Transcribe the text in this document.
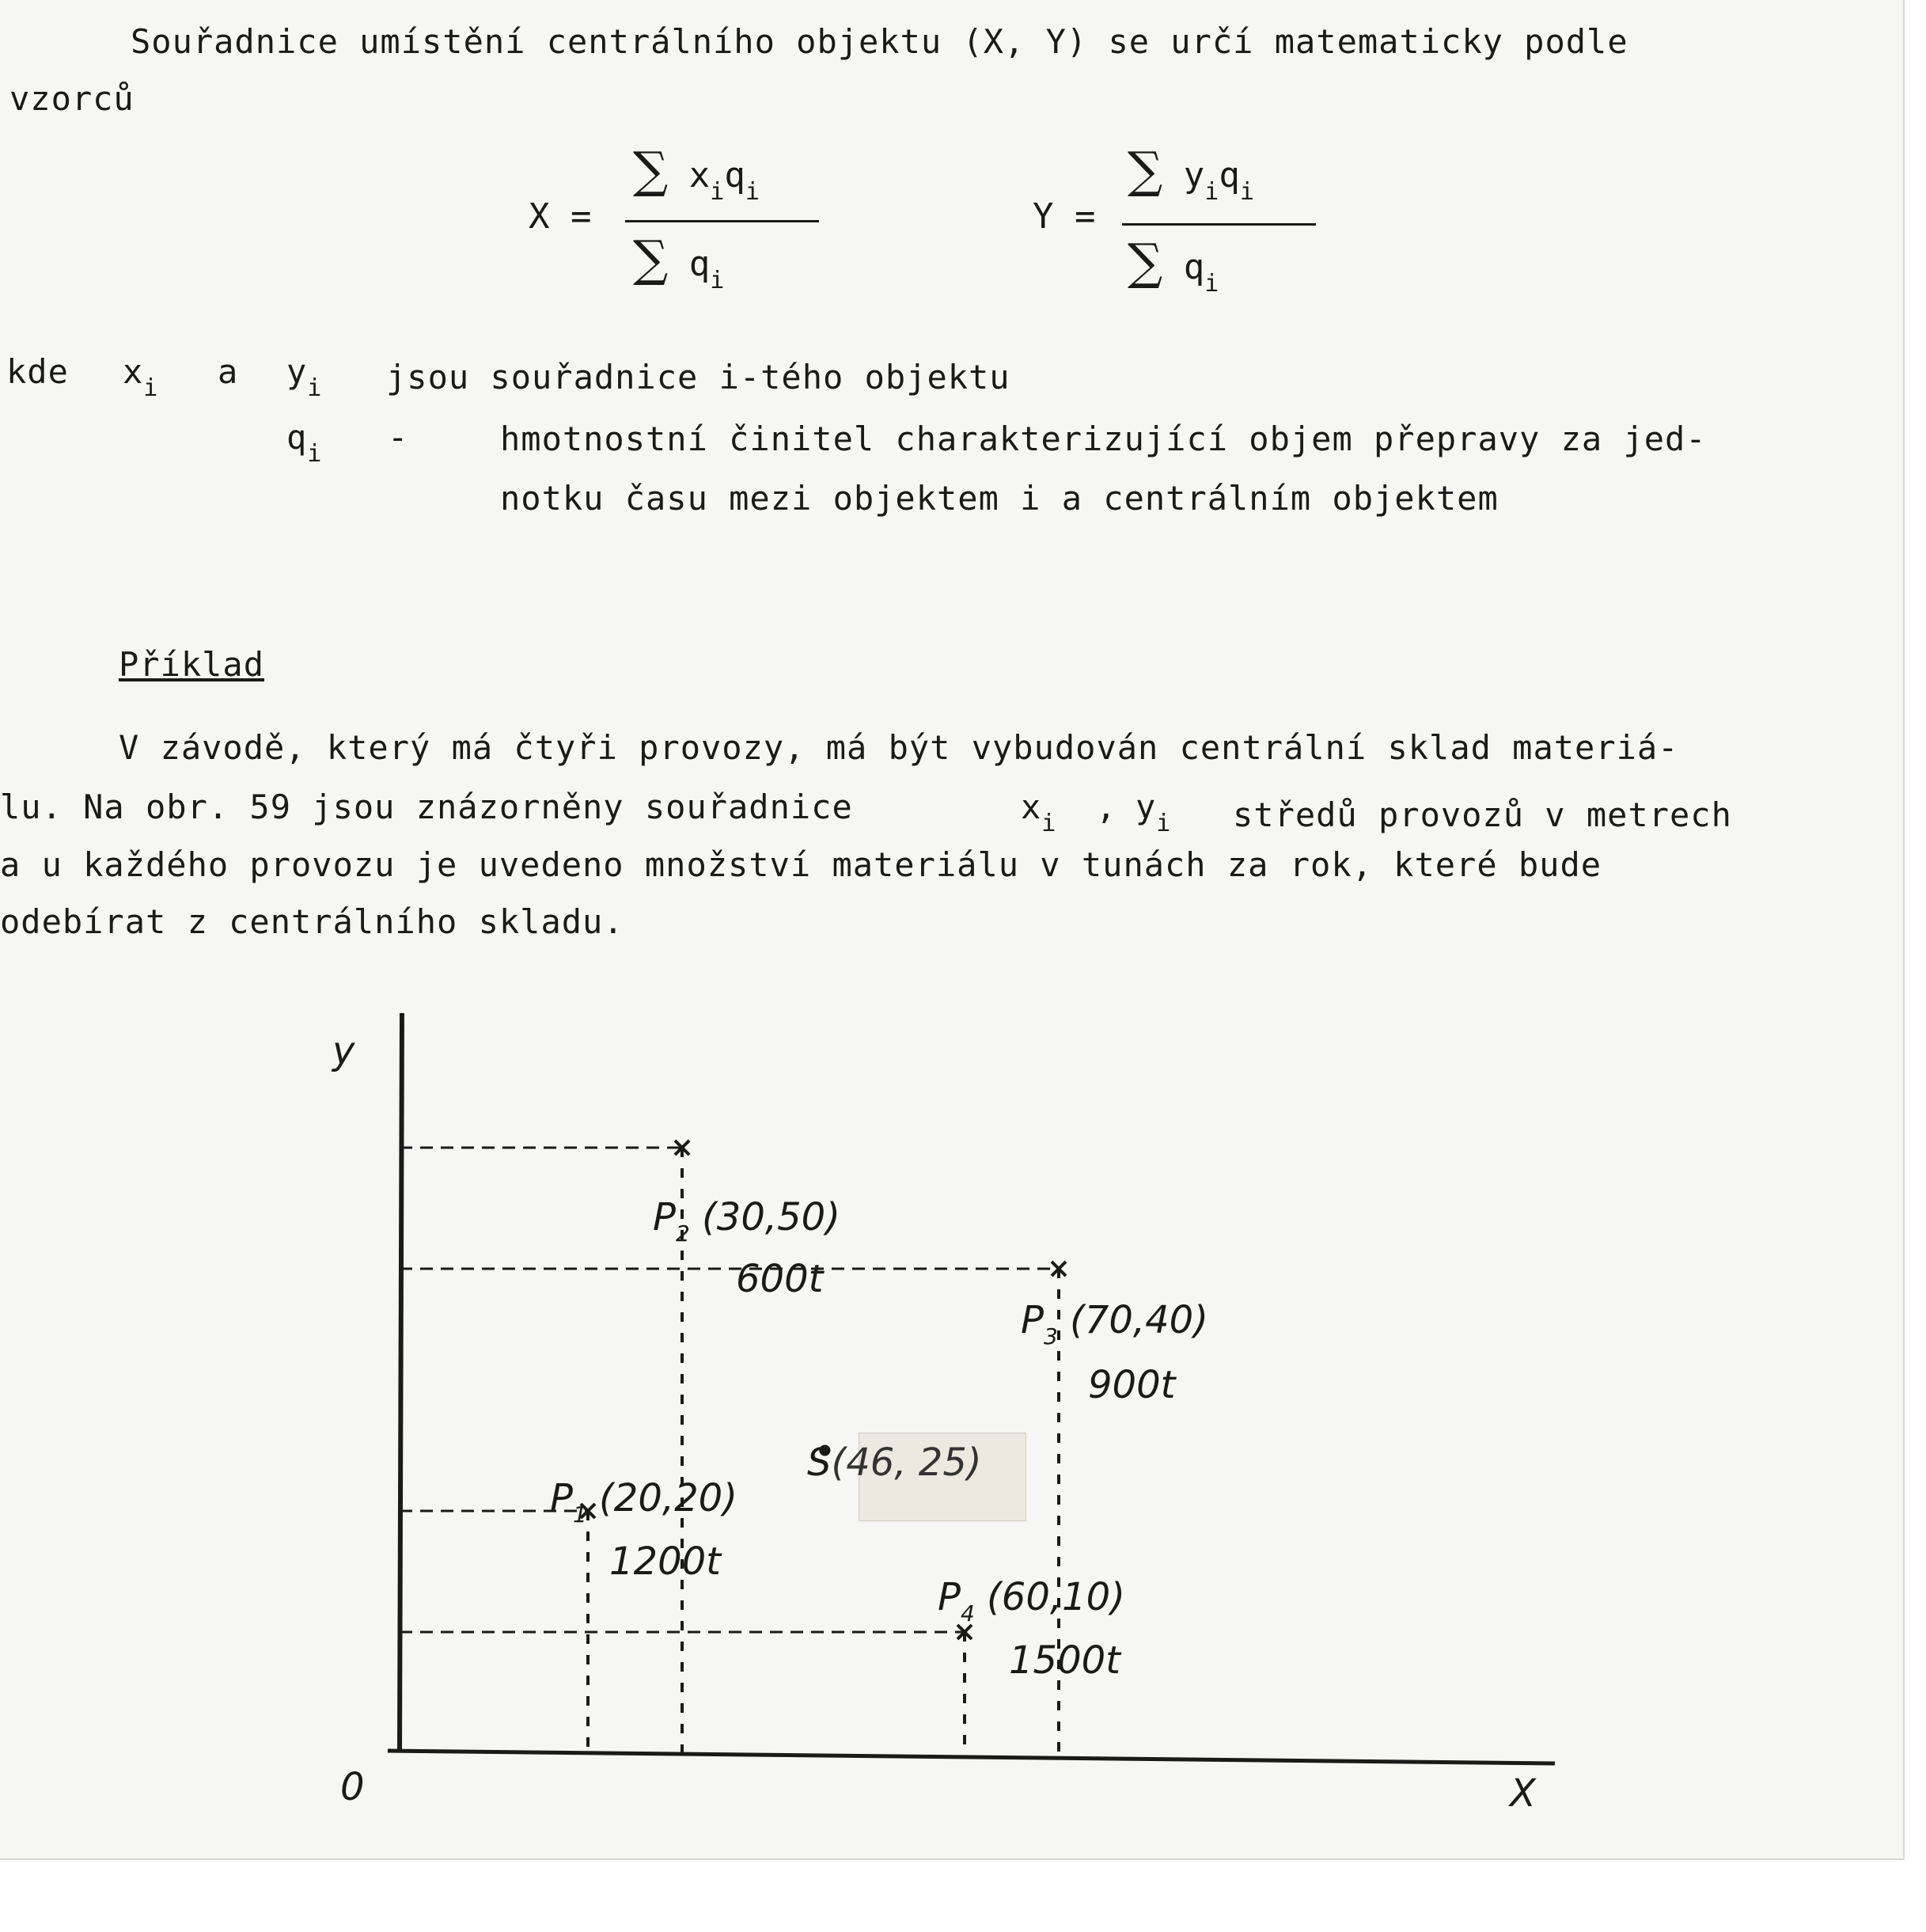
Souřadnice umístění centrálního objektu (X, Y) se určí matematicky podle
vzorců
X =
∑ $x_iq_i$
∑ $q_i$
Y =
∑ $y_iq_i$
∑ $q_i$
kde $x_i$ a $y_i$ jsou souřadnice i-tého objektu
$q_i$ -	hmotnostní činitel charakterizující objem přepravy za jed-
notku času mezi objektem i a centrálním objektem
Příklad
V závodě, který má čtyři provozy, má být vybudován centrální sklad materiá-
lu. Na obr. 59 jsou znázorněny souřadnice	$x_i$ , $y_i$ středů provozů v metrech
a u každého provozu je uvedeno množství materiálu v tunách za rok, které bude
odebírat z centrálního skladu.
y
0	X
$P_2$ (30,50)
600t
$P_3$ (70,40)
900t
$P_1$ (20,20)
1200t
$P_4$ (60,10)
1500t
S(46, 25)
